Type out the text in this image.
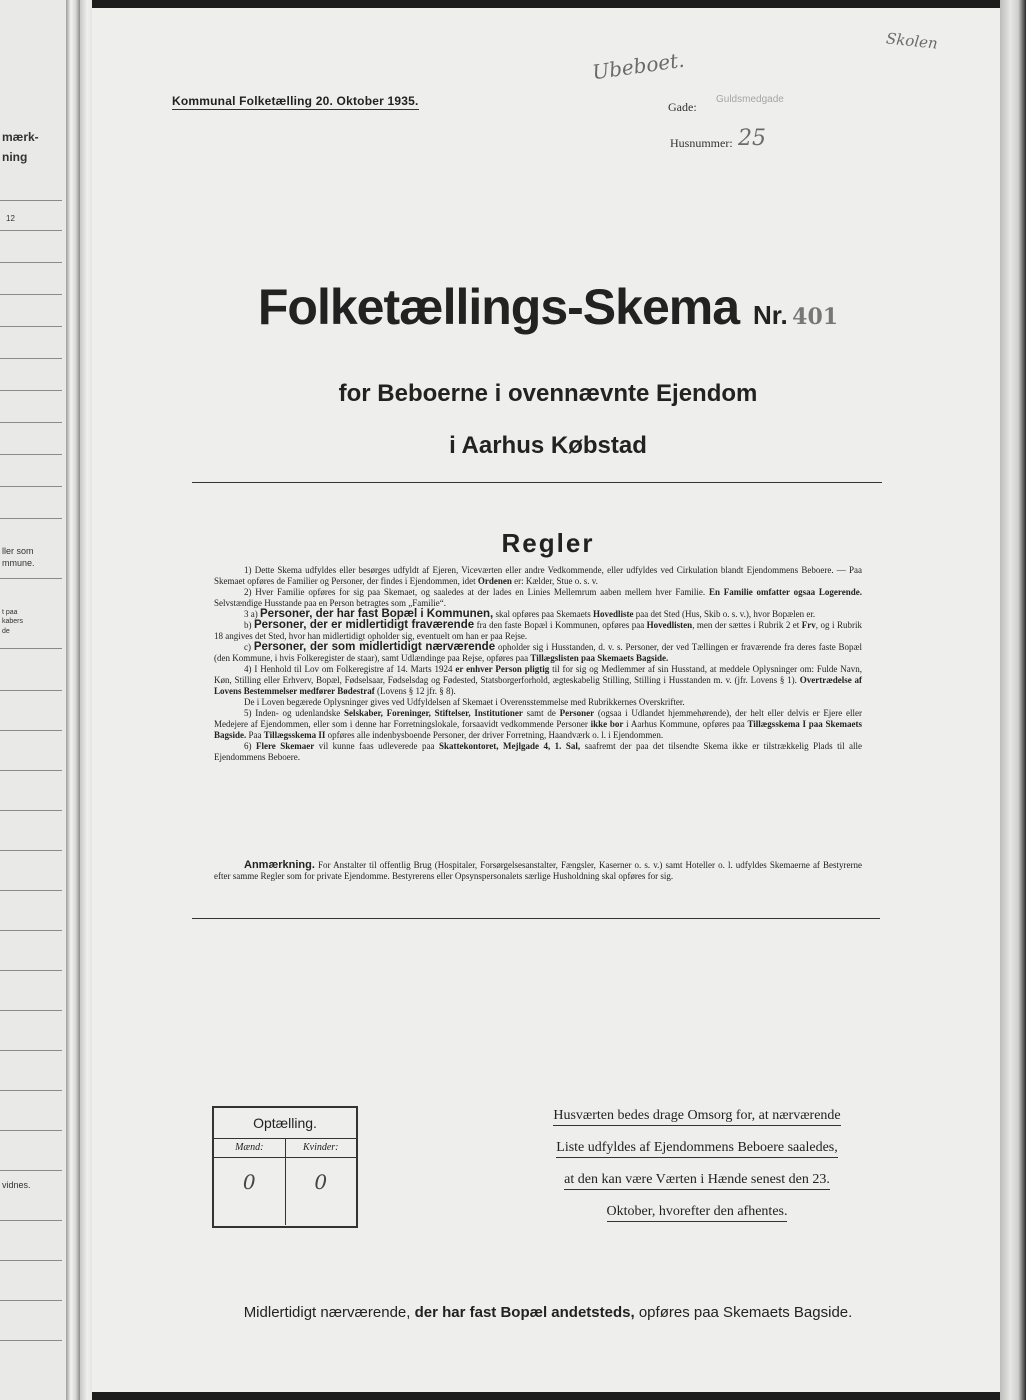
mærk-
ning
12
ller som
mmune.
t paa
kabers
de
vidnes.
Kommunal Folketælling 20. Oktober 1935.
Ubeboet.
Skolen
Gade:
Guldsmedgade
Husnummer: 25
Folketællings-Skema Nr. 401
for Beboerne i ovennævnte Ejendom
i Aarhus Købstad
Regler

1) Dette Skema udfyldes eller besørges udfyldt af Ejeren, Viceværten eller andre Vedkommende, eller udfyldes ved Cirkulation blandt Ejendommens Beboere. — Paa Skemaet opføres de Familier og Personer, der findes i Ejendommen, idet Ordenen er: Kælder, Stue o. s. v.

2) Hver Familie opføres for sig paa Skemaet, og saaledes at der lades en Linies Mellemrum aaben mellem hver Familie. En Familie omfatter ogsaa Logerende. Selvstændige Husstande paa en Person betragtes som „Familie“.

3 a) Personer, der har fast Bopæl i Kommunen, skal opføres paa Skemaets Hovedliste paa det Sted (Hus, Skib o. s. v.), hvor Bopælen er.

b) Personer, der er midlertidigt fraværende fra den faste Bopæl i Kommunen, opføres paa Hovedlisten, men der sættes i Rubrik 2 et Frv, og i Rubrik 18 angives det Sted, hvor han midlertidigt opholder sig, eventuelt om han er paa Rejse.

c) Personer, der som midlertidigt nærværende opholder sig i Husstanden, d. v. s. Personer, der ved Tællingen er fraværende fra deres faste Bopæl (den Kommune, i hvis Folkeregister de staar), samt Udlændinge paa Rejse, opføres paa Tillægslisten paa Skemaets Bagside.

4) I Henhold til Lov om Folkeregistre af 14. Marts 1924 er enhver Person pligtig til for sig og Medlemmer af sin Husstand, at meddele Oplysninger om: Fulde Navn, Køn, Stilling eller Erhverv, Bopæl, Fødselsaar, Fødselsdag og Fødested, Statsborgerforhold, ægteskabelig Stilling, Stilling i Husstanden m. v. (jfr. Lovens § 1). Overtrædelse af Lovens Bestemmelser medfører Bødestraf (Lovens § 12 jfr. § 8).

De i Loven begærede Oplysninger gives ved Udfyldelsen af Skemaet i Overensstemmelse med Rubrikkernes Overskrifter.

5) Inden- og udenlandske Selskaber, Foreninger, Stiftelser, Institutioner samt de Personer (ogsaa i Udlandet hjemmehørende), der helt eller delvis er Ejere eller Medejere af Ejendommen, eller som i denne har Forretningslokale, forsaavidt vedkommende Personer ikke bor i Aarhus Kommune, opføres paa Tillægsskema I paa Skemaets Bagside. Paa Tillægsskema II opføres alle indenbysboende Personer, der driver Forretning, Haandværk o. l. i Ejendommen.

6) Flere Skemaer vil kunne faas udleverede paa Skattekontoret, Mejlgade 4, 1. Sal, saafremt der paa det tilsendte Skema ikke er tilstrækkelig Plads til alle Ejendommens Beboere.

Anmærkning. For Anstalter til offentlig Brug (Hospitaler, Forsørgelsesanstalter, Fængsler, Kaserner o. s. v.) samt Hoteller o. l. udfyldes Skemaerne af Bestyrerne efter samme Regler som for private Ejendomme. Bestyrerens eller Opsynspersonalets særlige Husholdning skal opføres for sig.

Optælling.
Mænd:
0
Kvinder:
0
Husværten bedes drage Omsorg for, at nærværende
Liste udfyldes af Ejendommens Beboere saaledes,
at den kan være Værten i Hænde senest den 23.
Oktober, hvorefter den afhentes.
Midlertidigt nærværende, der har fast Bopæl andetsteds, opføres paa Skemaets Bagside.
